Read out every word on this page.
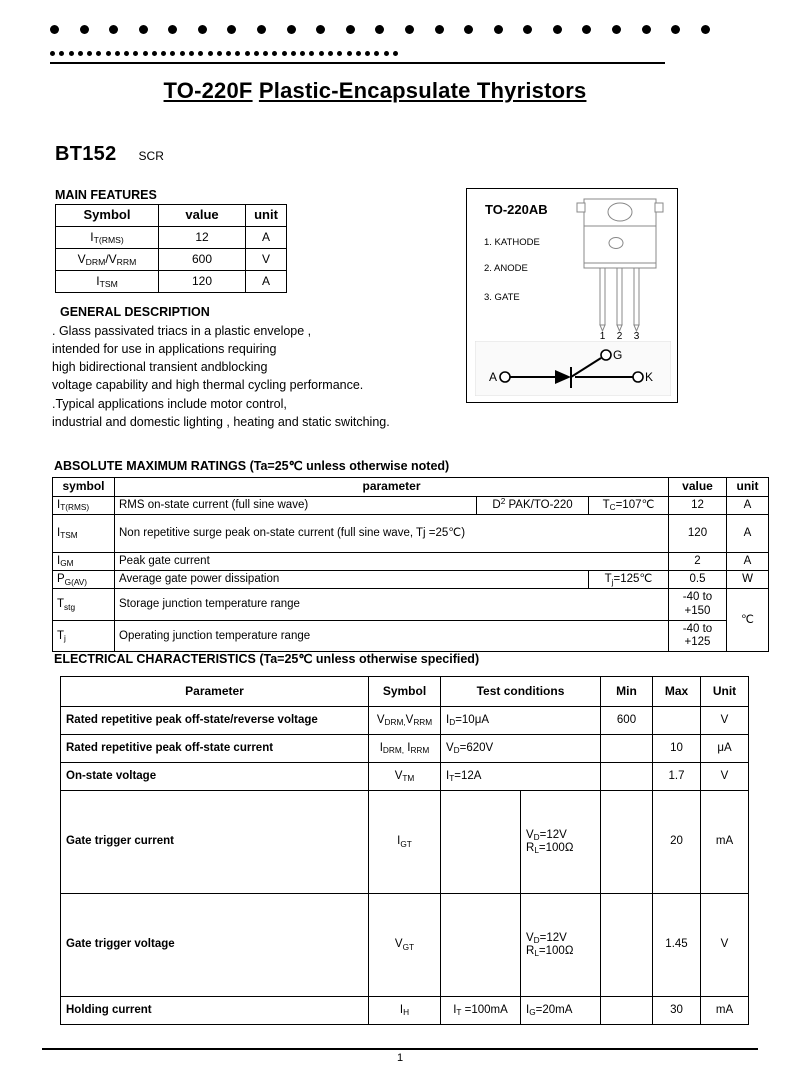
TO-220F Plastic-Encapsulate Thyristors
BT152 SCR
MAIN FEATURES
Symbol	value	unit
$I_{T(RMS)}$	12	A
$V_{DRM}/V_{RRM}$	600	V
$I_{TSM}$	120	A
GENERAL DESCRIPTION
. Glass passivated triacs in a plastic envelope ,
intended for use in applications requiring
high bidirectional transient andblocking
voltage capability and high thermal cycling performance.
.Typical applications include motor control,
industrial and domestic lighting , heating and static switching.
TO-220AB
1. KATHODE
2. ANODE
3. GATE
1 2 3
A	K
G
ABSOLUTE MAXIMUM RATINGS (Ta=25℃ unless otherwise noted)
symbol	parameter			value	unit
$I_{T(RMS)}$	RMS on-state current (full sine wave)	$D^2$ PAK/TO-220	$T_C=107℃$	12	A
$I_{TSM}$	Non repetitive surge peak on-state current (full sine wave, Tj =25℃)			120	A
$I_{GM}$	Peak gate current			2	A
$P_{G(AV)}$	Average gate power dissipation		$T_j=125℃$	0.5	W
$T_{stg}$	Storage junction temperature range			-40 to +150	℃
$T_j$	Operating junction temperature range			-40 to +125	
ELECTRICAL CHARACTERISTICS (Ta=25℃ unless otherwise specified)
Parameter	Symbol	Test conditions		Min	Max	Unit
Rated repetitive peak off-state/reverse voltage	$V_{DRM,}V_{RRM}$	$I_D=10\mu A$		600		V
Rated repetitive peak off-state current	$I_{DRM,}$ $I_{RRM}$	$V_D=620V$			10	μA
On-state voltage	$V_{TM}$	$I_T=12A$			1.7	V
Gate trigger current	$I_{GT}$		$V_D=12V$
$R_L=100\Omega$		20	mA
Gate trigger voltage	$V_{GT}$		$V_D=12V$
$R_L=100\Omega$		1.45	V
Holding current	$I_H$	$I_T =100mA$	$I_G=20mA$		30	mA
1
